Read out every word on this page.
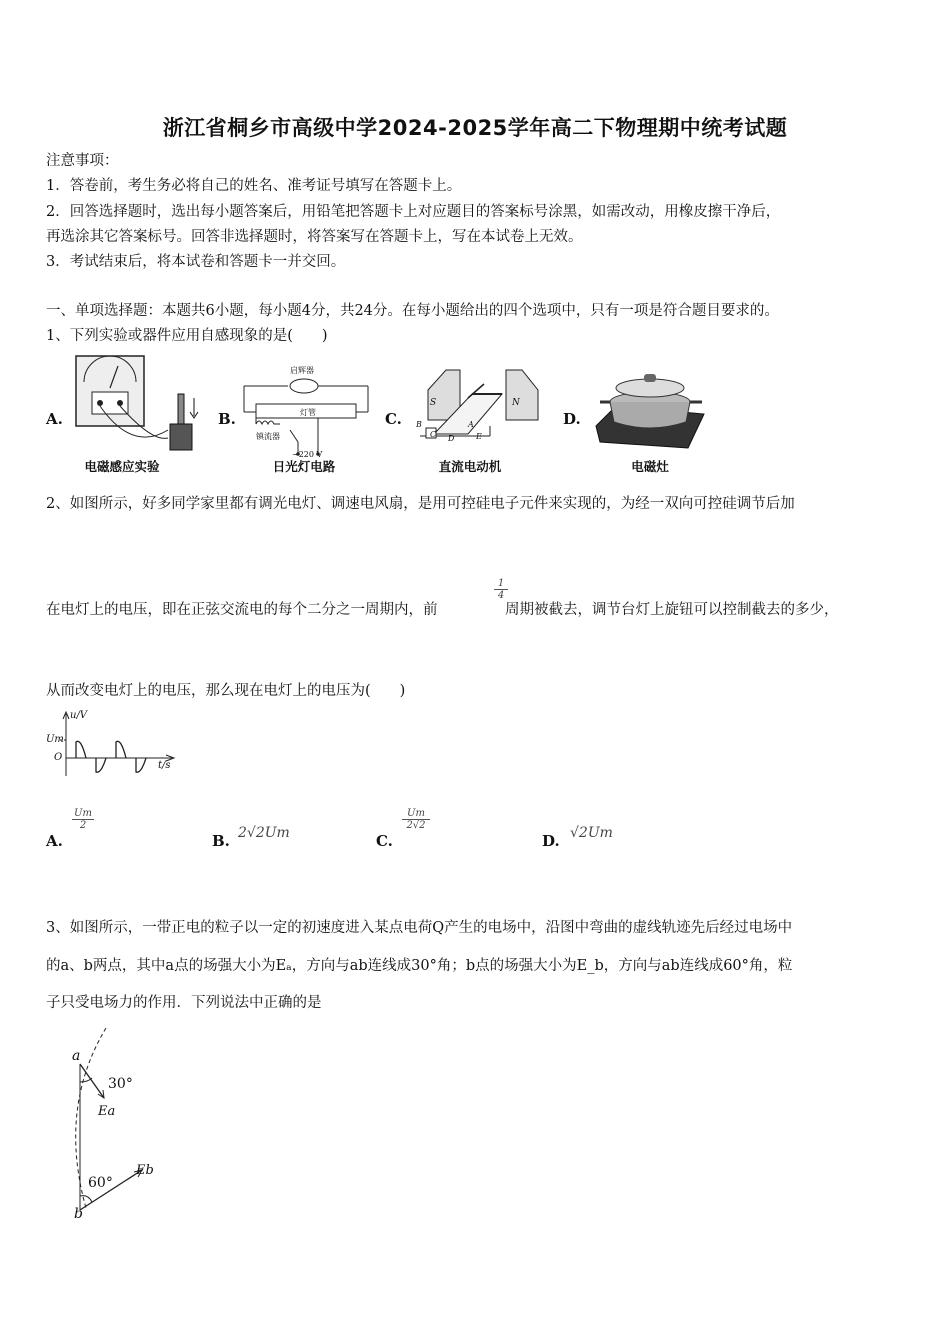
浙江省桐乡市高级中学2024-2025学年高二下物理期中统考试题
注意事项：
1．答卷前，考生务必将自己的姓名、准考证号填写在答题卡上。
2．回答选择题时，选出每小题答案后，用铅笔把答题卡上对应题目的答案标号涂黑，如需改动，用橡皮擦干净后，
再选涂其它答案标号。回答非选择题时，将答案写在答题卡上，写在本试卷上无效。
3．考试结束后，将本试卷和答题卡一并交回。
一、单项选择题：本题共6小题，每小题4分，共24分。在每小题给出的四个选项中，只有一项是符合题目要求的。
1、下列实验或器件应用自感现象的是(　　)
A.
电磁感应实验
B.
启辉器
灯管
镇流器
~220 V
日光灯电路
C.
S	N
A
B
C D	E
直流电动机
D.
电磁灶
2、如图所示，好多同学家里都有调光电灯、调速电风扇，是用可控硅电子元件来实现的，为经一双向可控硅调节后加
在电灯上的电压，即在正弦交流电的每个二分之一周期内，前
$\frac{1}{4}$
周期被截去，调节台灯上旋钮可以控制截去的多少，
从而改变电灯上的电压，那么现在电灯上的电压为(　　)
u/V
t/s
Um
O
A.
$\frac{Um}{2}$
B. 2√2Um	C.
$\frac{Um}{2√2}$
D. √2Um
3、如图所示，一带正电的粒子以一定的初速度进入某点电荷Q产生的电场中，沿图中弯曲的虚线轨迹先后经过电场中
的a、b两点，其中a点的场强大小为Eₐ，方向与ab连线成30°角；b点的场强大小为E_b，方向与ab连线成60°角，粒
子只受电场力的作用．下列说法中正确的是
a
30°
Ea
60°
Eb
b
